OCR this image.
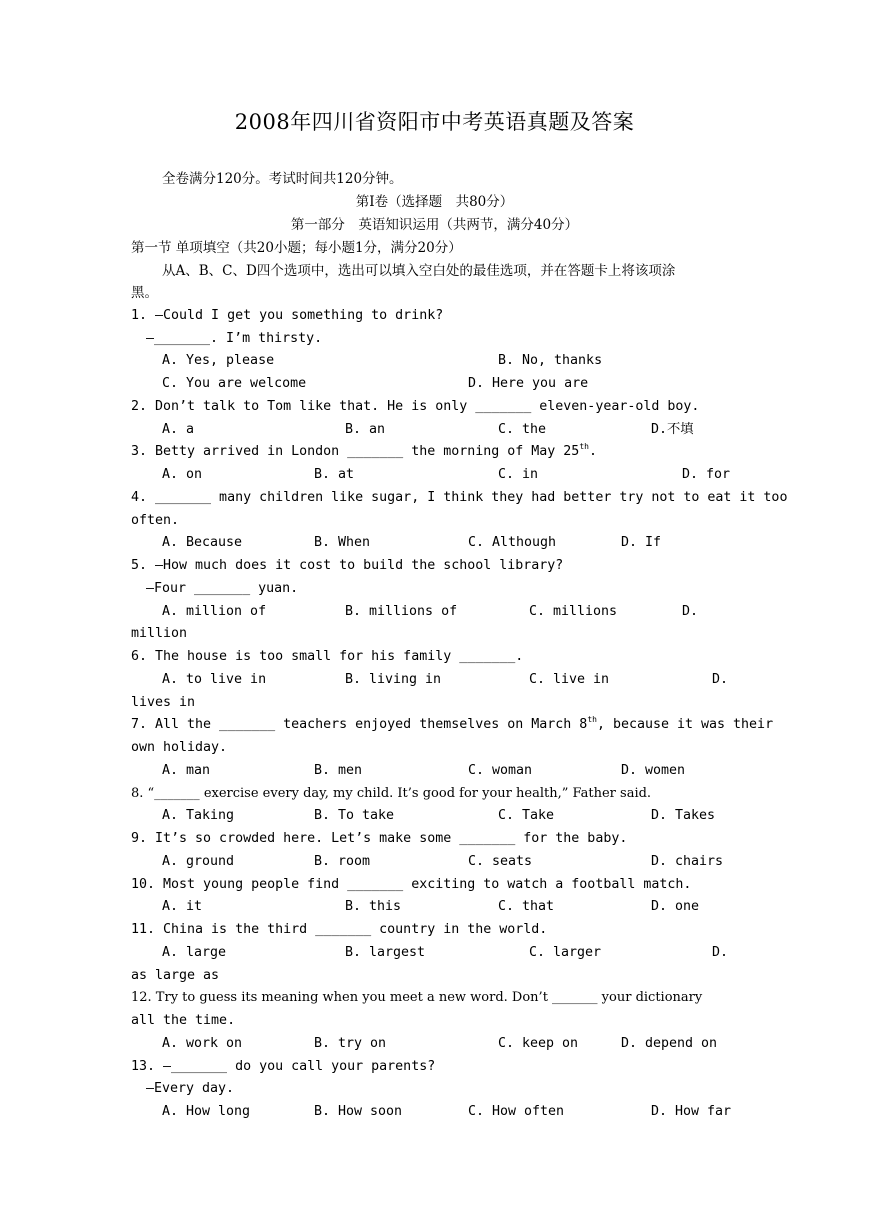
2008年四川省资阳市中考英语真题及答案
全卷满分120分。考试时间共120分钟。
第Ⅰ卷（选择题　共80分）
第一部分　英语知识运用（共两节，满分40分）
第一节 单项填空（共20小题；每小题1分，满分20分）
从A、B、C、D四个选项中，选出可以填入空白处的最佳选项，并在答题卡上将该项涂
黑。
1. —Could I get you something to drink?
—_______. I’m thirsty.
A. Yes, please	B. No, thanks
C. You are welcome	D. Here you are
2. Don’t talk to Tom like that. He is only _______ eleven-year-old boy.
A. a	B. an	C. the	D.不填
3. Betty arrived in London _______ the morning of May 25th.
A. on	B. at	C. in	D. for
4. _______ many children like sugar, I think they had better try not to eat it too
often.
A. Because	B. When	C. Although	D. If
5. —How much does it cost to build the school library?
—Four _______ yuan.
A. million of	B. millions of	C. millions	D.
million
6. The house is too small for his family _______.
A. to live in	B. living in	C. live in	D.
lives in
7. All the _______ teachers enjoyed themselves on March 8th, because it was their
own holiday.
A. man	B. men	C. woman	D. women
8. “_______ exercise every day, my child. It’s good for your health,” Father said.
A. Taking	B. To take	C. Take	D. Takes
9. It’s so crowded here. Let’s make some _______ for the baby.
A. ground	B. room	C. seats	D. chairs
10. Most young people find _______ exciting to watch a football match.
A. it	B. this	C. that	D. one
11. China is the third _______ country in the world.
A. large	B. largest	C. larger	D.
as large as
12. Try to guess its meaning when you meet a new word. Don’t _______ your dictionary
all the time.
A. work on	B. try on	C. keep on	D. depend on
13. —_______ do you call your parents?
—Every day.
A. How long	B. How soon	C. How often	D. How far
